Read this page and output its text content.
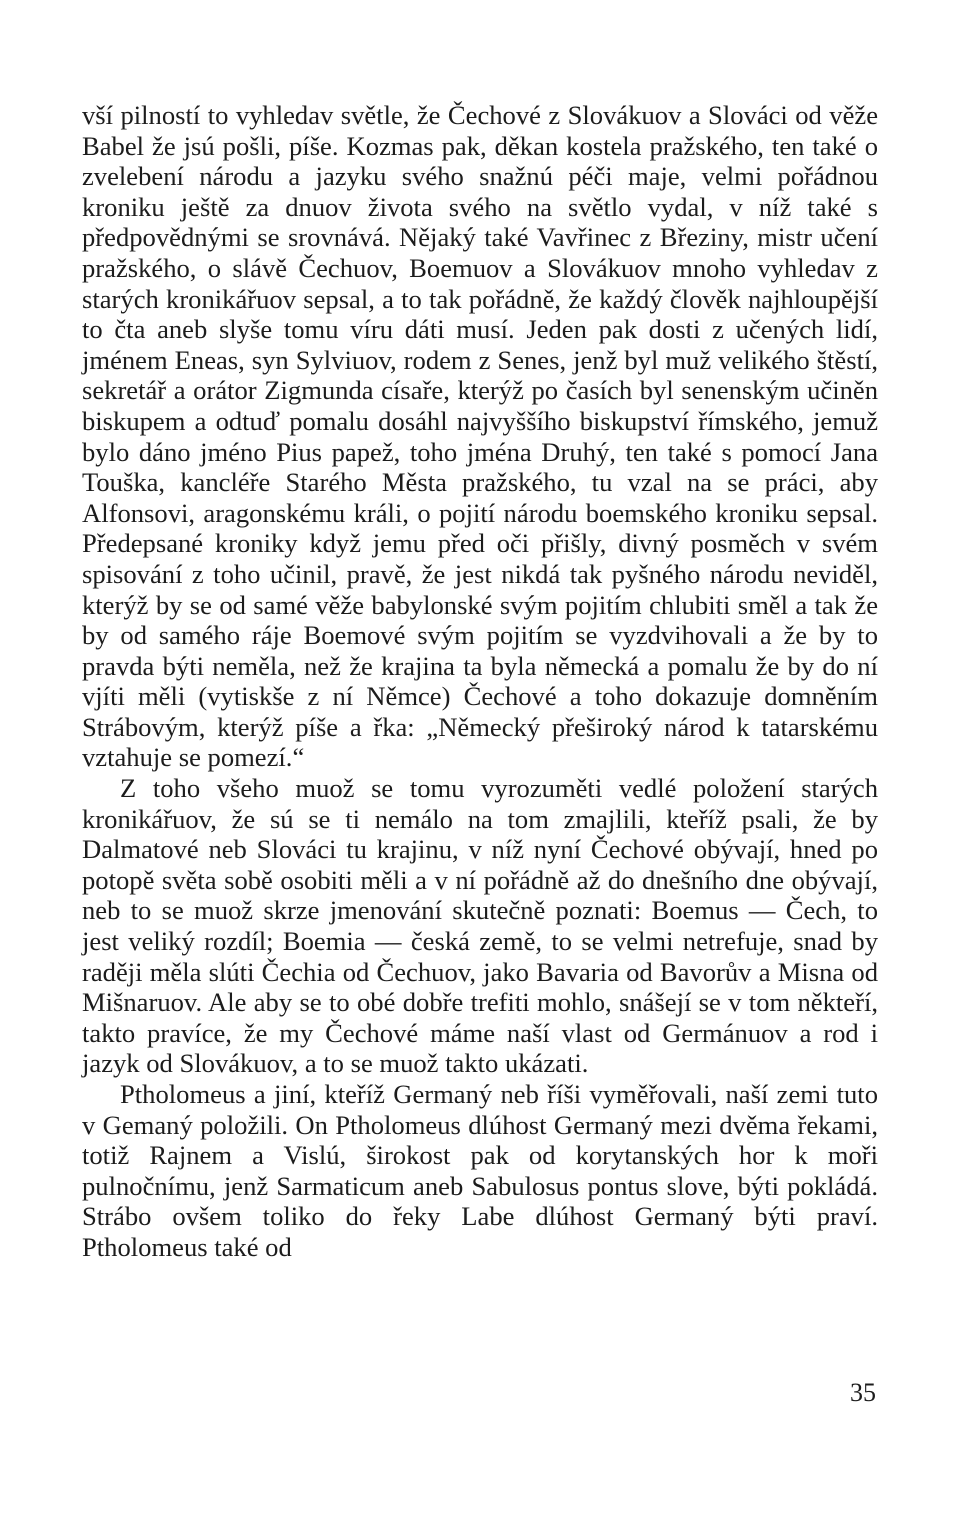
vší pilností to vyhledav světle, že Čechové z Slovákuov a Slováci od věže Babel že jsú pošli, píše. Kozmas pak, děkan kostela pražského, ten také o zvelebení národu a jazyku svého snažnú péči maje, velmi pořádnou kroniku ještě za dnuov života svého na světlo vydal, v níž také s předpovědnými se srovnává. Nějaký také Vavřinec z Březiny, mistr učení pražského, o slávě Čechuov, Boemuov a Slovákuov mnoho vyhledav z starých kronikářuov sepsal, a to tak pořádně, že každý člověk najhloupější to čta aneb slyše tomu víru dáti musí. Jeden pak dosti z učených lidí, jménem Eneas, syn Sylviuov, rodem z Senes, jenž byl muž velikého štěstí, sekretář a orátor Zigmunda císaře, kterýž po časích byl senenským učiněn biskupem a odtuď pomalu dosáhl najvyššího biskupství římského, jemuž bylo dáno jméno Pius papež, toho jména Druhý, ten také s pomocí Jana Touška, kancléře Starého Města pražského, tu vzal na se práci, aby Alfonsovi, aragonskému králi, o pojití národu boemského kroniku sepsal. Předepsané kroniky když jemu před oči přišly, divný posměch v svém spisování z toho učinil, pravě, že jest nikdá tak pyšného národu neviděl, kterýž by se od samé věže babylonské svým pojitím chlubiti směl a tak že by od samého ráje Boemové svým pojitím se vyzdvihovali a že by to pravda býti neměla, než že krajina ta byla německá a pomalu že by do ní vjíti měli (vytiskše z ní Němce) Čechové a toho dokazuje domněním Strábovým, kterýž píše a řka: „Německý přeširoký národ k tatarskému vztahuje se pomezí.“

Z toho všeho muož se tomu vyrozuměti vedlé položení starých kronikářuov, že sú se ti nemálo na tom zmajlili, kteříž psali, že by Dalmatové neb Slováci tu krajinu, v níž nyní Čechové obývají, hned po potopě světa sobě osobiti měli a v ní pořádně až do dnešního dne obývají, neb to se muož skrze jmenování skutečně poznati: Boemus — Čech, to jest veliký rozdíl; Boemia — česká země, to se velmi netrefuje, snad by raději měla slúti Čechia od Čechuov, jako Bavaria od Bavorův a Misna od Mišnaruov. Ale aby se to obé dobře trefiti mohlo, snášejí se v tom někteří, takto pravíce, že my Čechové máme naší vlast od Germánuov a rod i jazyk od Slovákuov, a to se muož takto ukázati.

Ptholomeus a jiní, kteříž Germaný neb říši vyměřovali, naší zemi tuto v Gemaný položili. On Ptholomeus dlúhost Germaný mezi dvěma řekami, totiž Rajnem a Vislú, širokost pak od korytanských hor k moři pulnočnímu, jenž Sarmaticum aneb Sabulosus pontus slove, býti pokládá. Strábo ovšem toliko do řeky Labe dlúhost Germaný býti praví. Ptholomeus také od

35
